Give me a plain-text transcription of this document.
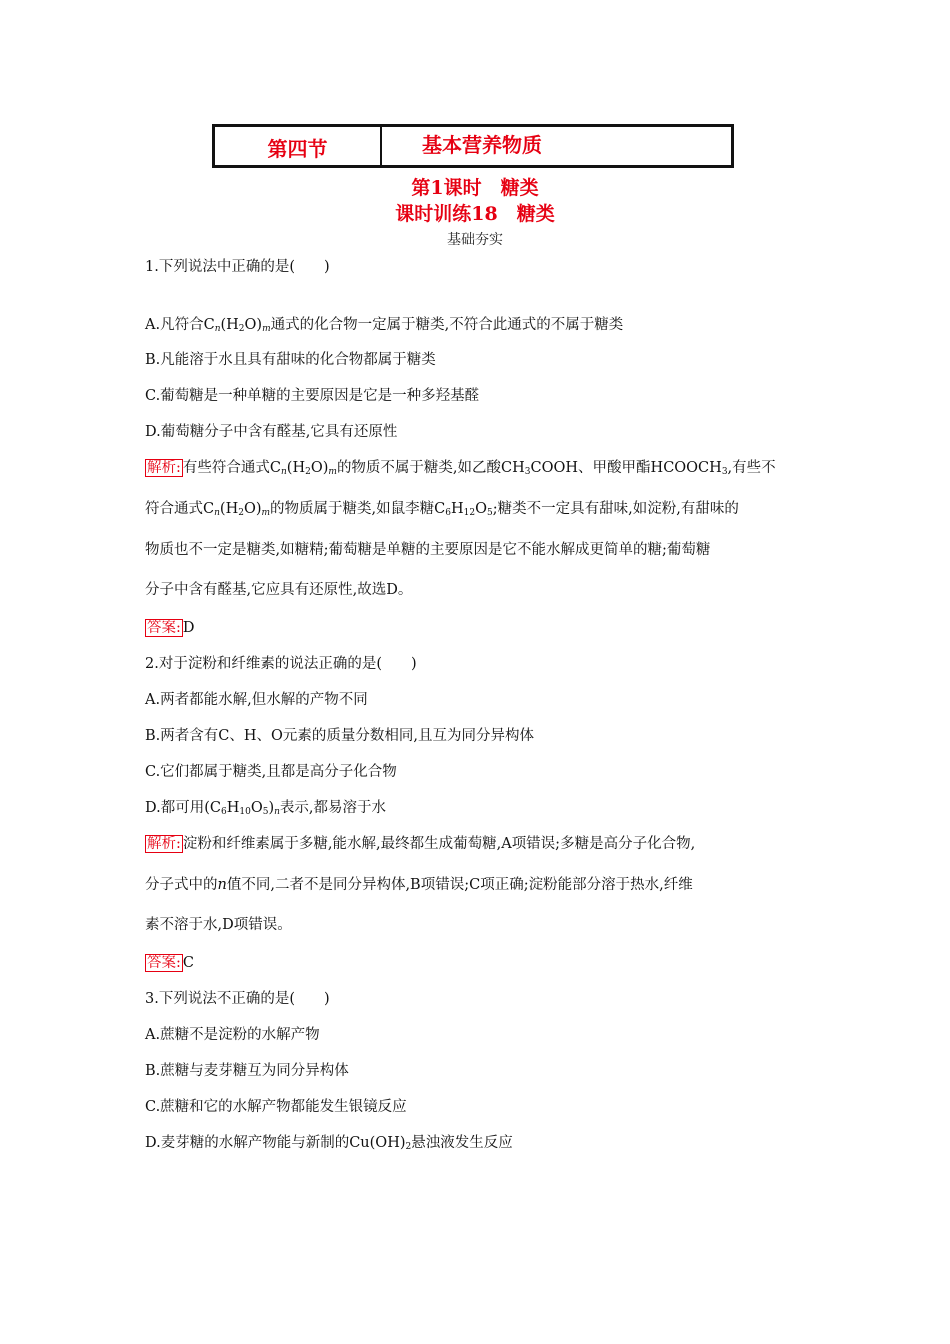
第四节	基本营养物质
第1课时　糖类
课时训练18　糖类
基础夯实
1.下列说法中正确的是(　　)
A.凡符合$C_n(H_2O)_m$通式的化合物一定属于糖类,不符合此通式的不属于糖类
B.凡能溶于水且具有甜味的化合物都属于糖类
C.葡萄糖是一种单糖的主要原因是它是一种多羟基醛
D.葡萄糖分子中含有醛基,它具有还原性
解析: 有些符合通式$C_n(H_2O)_m$的物质不属于糖类,如乙酸$CH_3COOH$、甲酸甲酯$HCOOCH_3$,有些不
符合通式$C_n(H_2O)_m$的物质属于糖类,如鼠李糖$C_6H_{12}O_5$;糖类不一定具有甜味,如淀粉,有甜味的
物质也不一定是糖类,如糖精;葡萄糖是单糖的主要原因是它不能水解成更简单的糖;葡萄糖
分子中含有醛基,它应具有还原性,故选D。
答案: D
2.对于淀粉和纤维素的说法正确的是(　　)
A.两者都能水解,但水解的产物不同
B.两者含有C、H、O元素的质量分数相同,且互为同分异构体
C.它们都属于糖类,且都是高分子化合物
D.都可用$(C_6H_{10}O_5)_n$表示,都易溶于水
解析: 淀粉和纤维素属于多糖,能水解,最终都生成葡萄糖,A项错误;多糖是高分子化合物,
分子式中的n值不同,二者不是同分异构体,B项错误;C项正确;淀粉能部分溶于热水,纤维
素不溶于水,D项错误。
答案: C
3.下列说法不正确的是(　　)
A.蔗糖不是淀粉的水解产物
B.蔗糖与麦芽糖互为同分异构体
C.蔗糖和它的水解产物都能发生银镜反应
D.麦芽糖的水解产物能与新制的$Cu(OH)_2$悬浊液发生反应
